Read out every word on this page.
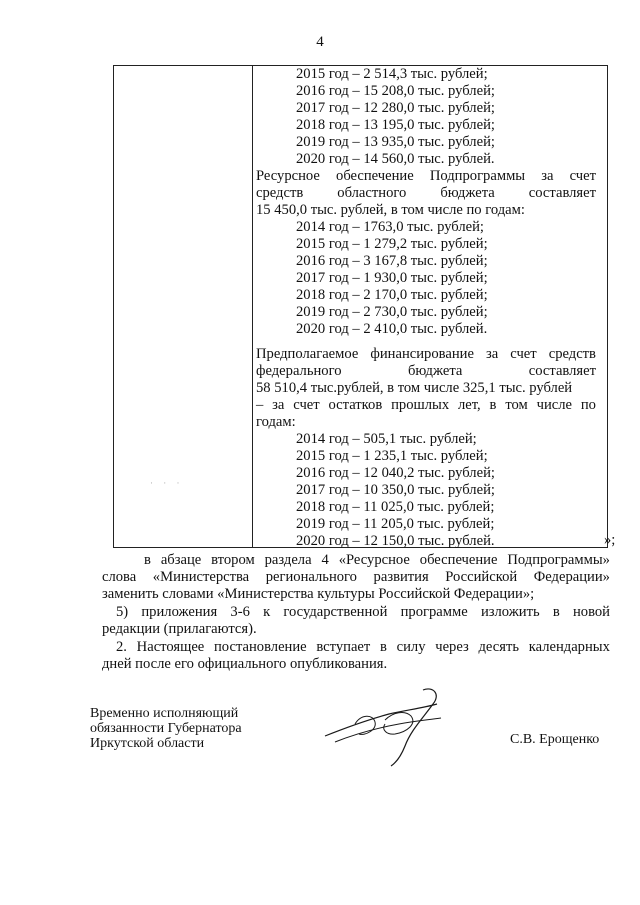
4
· · ·
2015 год – 2 514,3 тыс. рублей;
2016 год – 15 208,0 тыс. рублей;
2017 год – 12 280,0 тыс. рублей;
2018 год – 13 195,0 тыс. рублей;
2019 год – 13 935,0 тыс. рублей;
2020 год – 14 560,0 тыс. рублей.
Ресурсное обеспечение Подпрограммы за счет
средств областного бюджета составляет
15 450,0 тыс. рублей, в том числе по годам:
2014 год – 1763,0 тыс. рублей;
2015 год – 1 279,2 тыс. рублей;
2016 год – 3 167,8 тыс. рублей;
2017 год – 1 930,0 тыс. рублей;
2018 год – 2 170,0 тыс. рублей;
2019 год – 2 730,0 тыс. рублей;
2020 год – 2 410,0 тыс. рублей.
Предполагаемое финансирование за счет средств
федерального	бюджета	составляет
58 510,4 тыс.рублей, в том числе 325,1 тыс. рублей
– за счет остатков прошлых лет, в том числе по
годам:
2014 год – 505,1 тыс. рублей;
2015 год – 1 235,1 тыс. рублей;
2016 год – 12 040,2 тыс. рублей;
2017 год – 10 350,0 тыс. рублей;
2018 год – 11 025,0 тыс. рублей;
2019 год – 11 205,0 тыс. рублей;
2020 год – 12 150,0 тыс. рублей.	»;
в абзаце втором раздела 4 «Ресурсное обеспечение Подпрограммы»
слова «Министерства регионального развития Российской Федерации»
заменить словами «Министерства культуры Российской Федерации»;
5) приложения 3-6 к государственной программе изложить в новой
редакции (прилагаются).
2. Настоящее постановление вступает в силу через десять календарных
дней после его официального опубликования.
Временно исполняющий
обязанности Губернатора
Иркутской области	С.В. Ерощенко
